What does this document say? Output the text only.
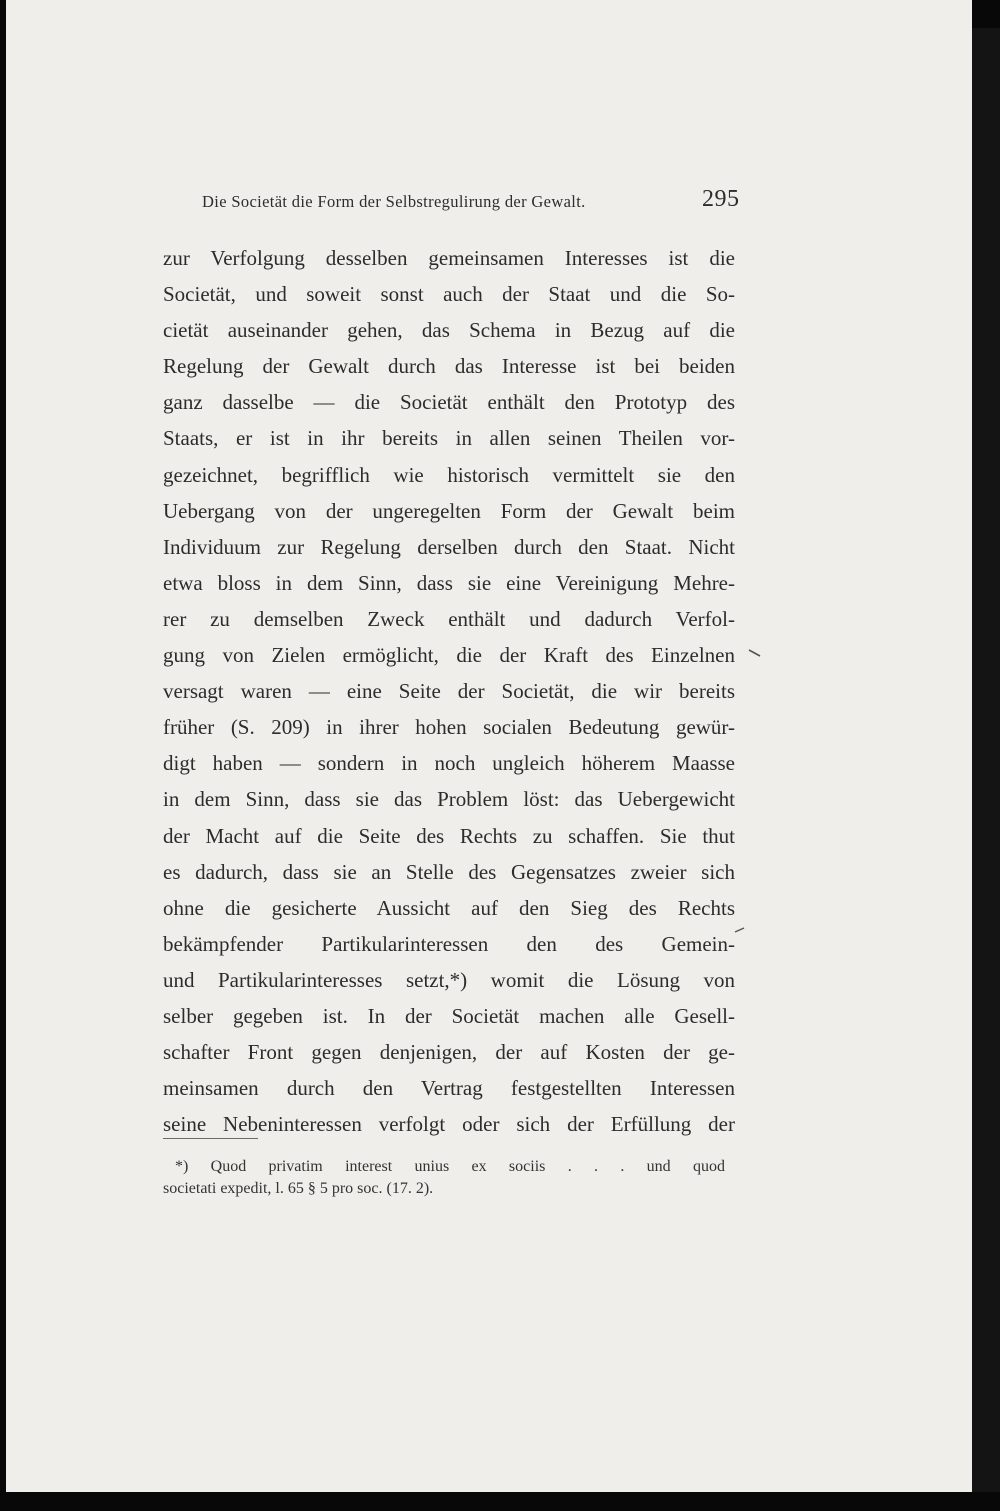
Die Societät die Form der Selbstregulirung der Gewalt.	295
zur Verfolgung desselben gemeinsamen Interesses ist die
Societät, und soweit sonst auch der Staat und die So-
cietät auseinander gehen, das Schema in Bezug auf die
Regelung der Gewalt durch das Interesse ist bei beiden
ganz dasselbe — die Societät enthält den Prototyp des
Staats, er ist in ihr bereits in allen seinen Theilen vor-
gezeichnet, begrifflich wie historisch vermittelt sie den
Uebergang von der ungeregelten Form der Gewalt beim
Individuum zur Regelung derselben durch den Staat. Nicht
etwa bloss in dem Sinn, dass sie eine Vereinigung Mehre-
rer zu demselben Zweck enthält und dadurch Verfol-
gung von Zielen ermöglicht, die der Kraft des Einzelnen
versagt waren — eine Seite der Societät, die wir bereits
früher (S. 209) in ihrer hohen socialen Bedeutung gewür-
digt haben — sondern in noch ungleich höherem Maasse
in dem Sinn, dass sie das Problem löst: das Uebergewicht
der Macht auf die Seite des Rechts zu schaffen. Sie thut
es dadurch, dass sie an Stelle des Gegensatzes zweier sich
ohne die gesicherte Aussicht auf den Sieg des Rechts
bekämpfender Partikularinteressen den des Gemein-
und Partikularinteresses setzt,*) womit die Lösung von
selber gegeben ist. In der Societät machen alle Gesell-
schafter Front gegen denjenigen, der auf Kosten der ge-
meinsamen durch den Vertrag festgestellten Interessen
seine Nebeninteressen verfolgt oder sich der Erfüllung der
*) Quod privatim interest unius ex sociis . . . und quod
societati expedit, l. 65 § 5 pro soc. (17. 2).
